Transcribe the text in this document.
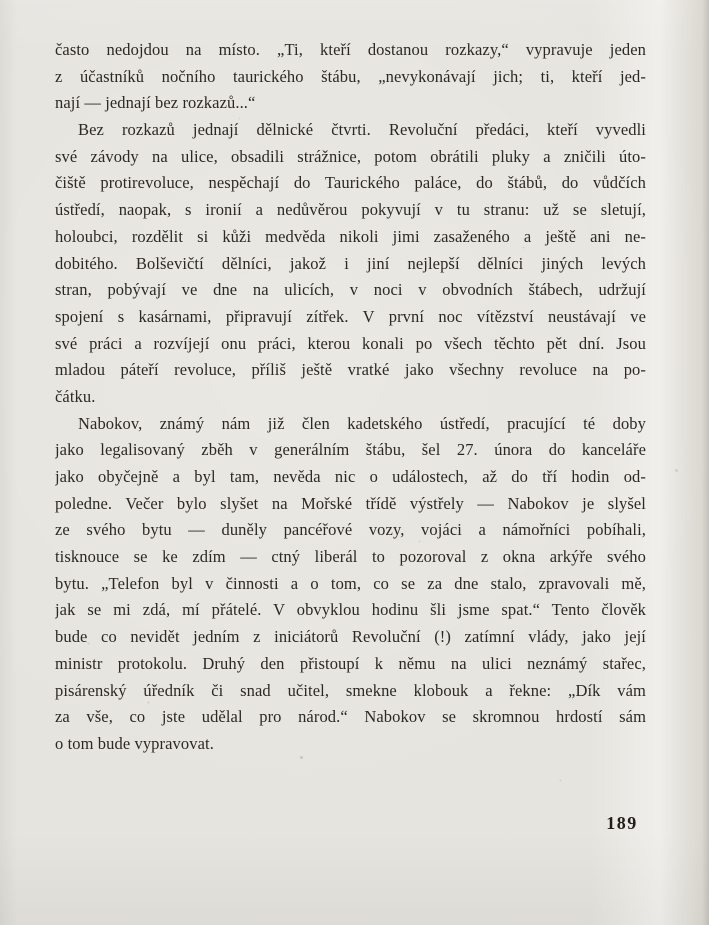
často nedojdou na místo. „Ti, kteří dostanou rozkazy,“ vypravuje jeden
z účastníků nočního taurického štábu, „nevykonávají jich; ti, kteří jed-
nají — jednají bez rozkazů...“
Bez rozkazů jednají dělnické čtvrti. Revoluční předáci, kteří vyvedli
své závody na ulice, obsadili strážnice, potom obrátili pluky a zničili úto-
čiště protirevoluce, nespěchají do Taurického paláce, do štábů, do vůdčích
ústředí, naopak, s ironií a nedůvěrou pokyvují v tu stranu: už se sletují,
holoubci, rozdělit si kůži medvěda nikoli jimi zasaženého a ještě ani ne-
dobitého. Bolševičtí dělníci, jakož i jiní nejlepší dělníci jiných levých
stran, pobývají ve dne na ulicích, v noci v obvodních štábech, udržují
spojení s kasárnami, připravují zítřek. V první noc vítězství neustávají ve
své práci a rozvíjejí onu práci, kterou konali po všech těchto pět dní. Jsou
mladou páteří revoluce, příliš ještě vratké jako všechny revoluce na po-
čátku.
Nabokov, známý nám již člen kadetského ústředí, pracující té doby
jako legalisovaný zběh v generálním štábu, šel 27. února do kanceláře
jako obyčejně a byl tam, nevěda nic o událostech, až do tří hodin od-
poledne. Večer bylo slyšet na Mořské třídě výstřely — Nabokov je slyšel
ze svého bytu — duněly pancéřové vozy, vojáci a námořníci pobíhali,
tisknouce se ke zdím — ctný liberál to pozoroval z okna arkýře svého
bytu. „Telefon byl v činnosti a o tom, co se za dne stalo, zpravovali mě,
jak se mi zdá, mí přátelé. V obvyklou hodinu šli jsme spat.“ Tento člověk
bude co nevidět jedním z iniciátorů Revoluční (!) zatímní vlády, jako její
ministr protokolu. Druhý den přistoupí k němu na ulici neznámý stařec,
pisárenský úředník či snad učitel, smekne klobouk a řekne: „Dík vám
za vše, co jste udělal pro národ.“ Nabokov se skromnou hrdostí sám
o tom bude vypravovat.
189
